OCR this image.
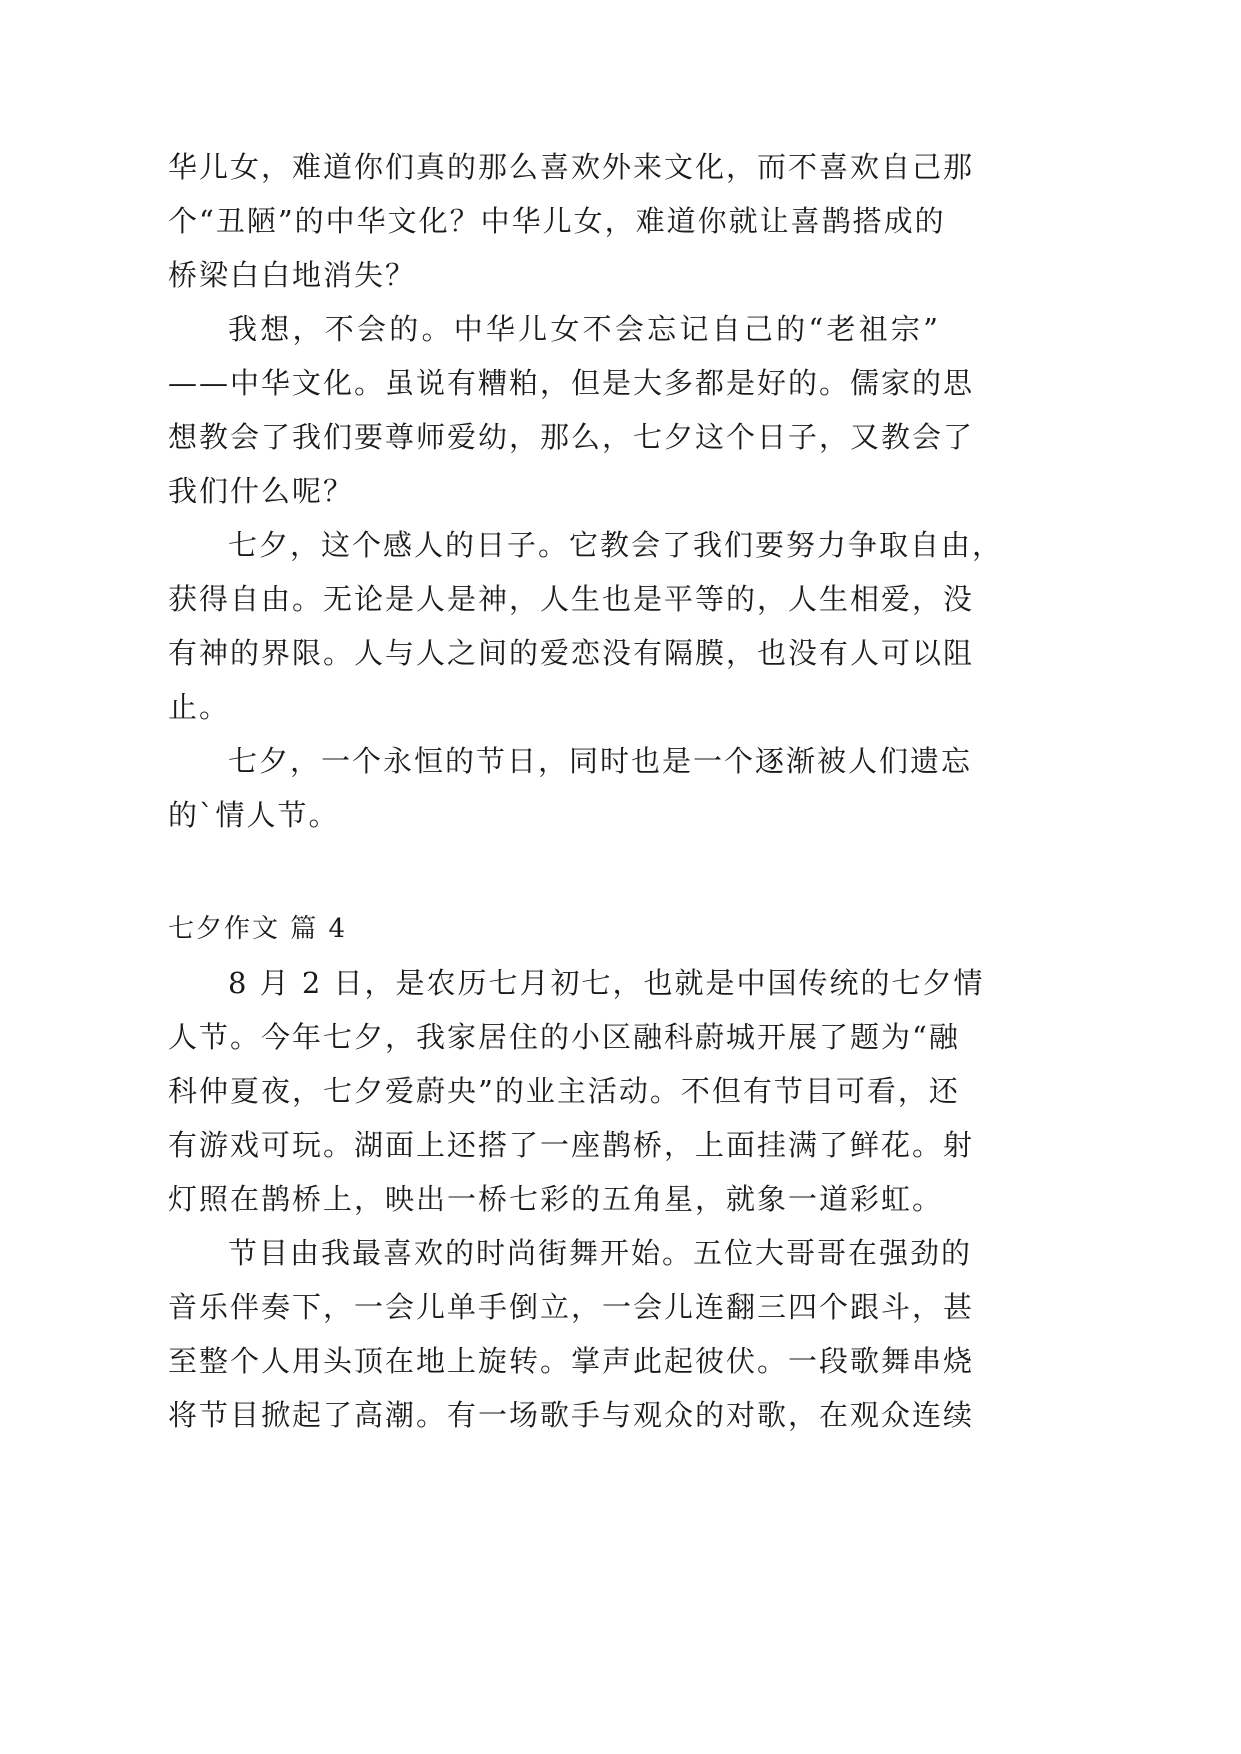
华儿女，难道你们真的那么喜欢外来文化，而不喜欢自己那
个“丑陋”的中华文化？中华儿女，难道你就让喜鹊搭成的
桥梁白白地消失？
我想，不会的。中华儿女不会忘记自己的“老祖宗”
——中华文化。虽说有糟粕，但是大多都是好的。儒家的思
想教会了我们要尊师爱幼，那么，七夕这个日子，又教会了
我们什么呢？
七夕，这个感人的日子。它教会了我们要努力争取自由，
获得自由。无论是人是神，人生也是平等的，人生相爱，没
有神的界限。人与人之间的爱恋没有隔膜，也没有人可以阻
止。
七夕，一个永恒的节日，同时也是一个逐渐被人们遗忘
的`情人节。
七夕作文 篇 4
8 月 2 日，是农历七月初七，也就是中国传统的七夕情
人节。今年七夕，我家居住的小区融科蔚城开展了题为“融
科仲夏夜，七夕爱蔚央”的业主活动。不但有节目可看，还
有游戏可玩。湖面上还搭了一座鹊桥，上面挂满了鲜花。射
灯照在鹊桥上，映出一桥七彩的五角星，就象一道彩虹。
节目由我最喜欢的时尚街舞开始。五位大哥哥在强劲的
音乐伴奏下，一会儿单手倒立，一会儿连翻三四个跟斗，甚
至整个人用头顶在地上旋转。掌声此起彼伏。一段歌舞串烧
将节目掀起了高潮。有一场歌手与观众的对歌，在观众连续
